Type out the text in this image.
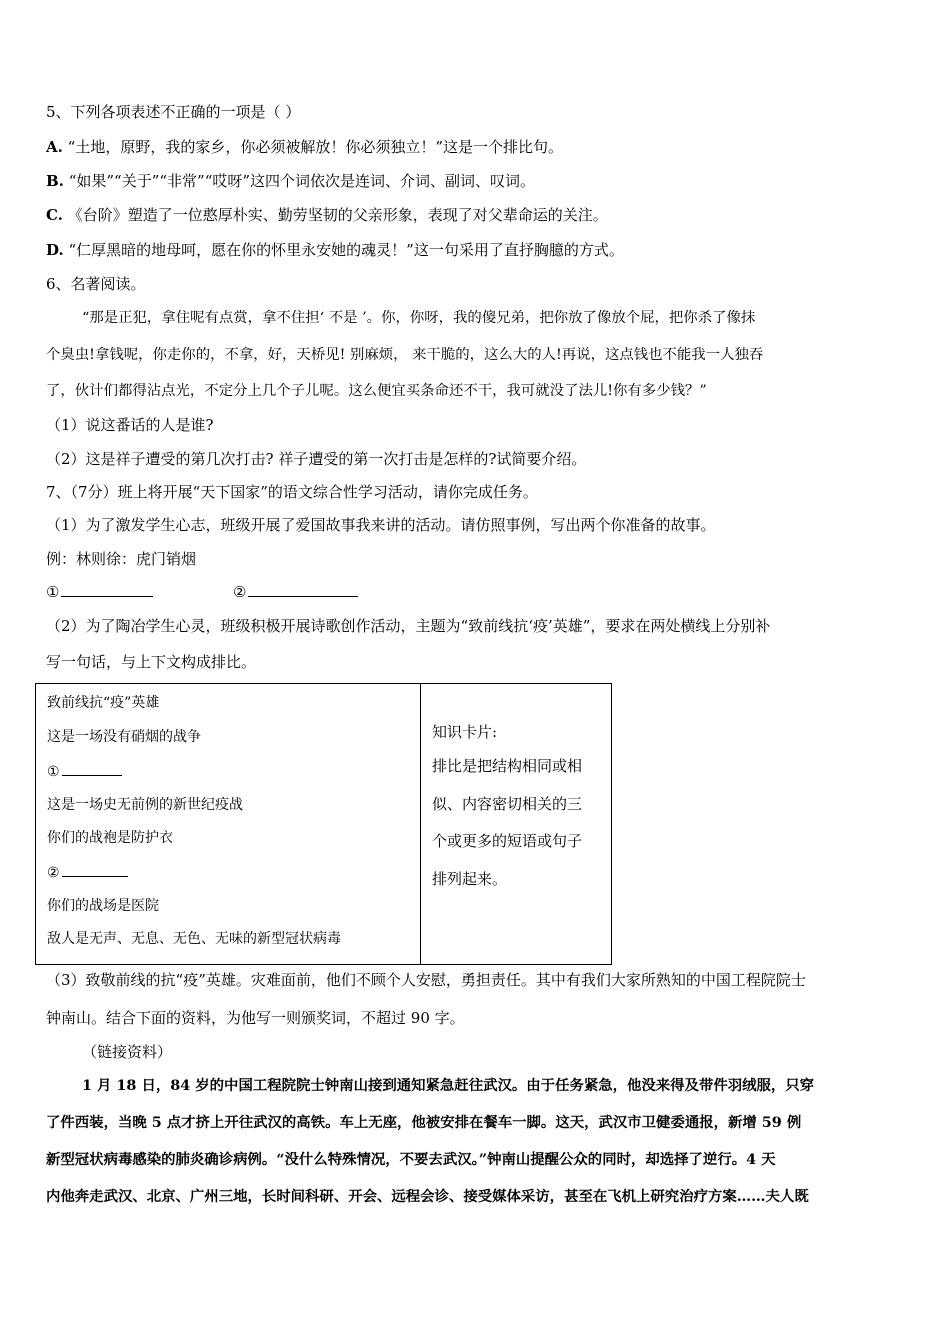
5、下列各项表述不正确的一项是（ ）
A. “土地，原野，我的家乡，你必须被解放！你必须独立！”这是一个排比句。
B. “如果”“关于”“非常”“哎呀”这四个词依次是连词、介词、副词、叹词。
C. 《台阶》塑造了一位憨厚朴实、勤劳坚韧的父亲形象，表现了对父辈命运的关注。
D. “仁厚黑暗的地母呵，愿在你的怀里永安她的魂灵！”这一句采用了直抒胸臆的方式。
6、名著阅读。
“那是正犯，拿住呢有点赏，拿不住担‘ 不是 ’。你，你呀，我的傻兄弟，把你放了像放个屁，把你杀了像抹
个臭虫!拿钱呢，你走你的，不拿，好，天桥见! 别麻烦， 来干脆的，这么大的人!再说，这点钱也不能我一人独吞
了，伙计们都得沾点光，不定分上几个子儿呢。这么便宜买条命还不干，我可就没了法儿!你有多少钱？”
（1）说这番话的人是谁?
（2）这是祥子遭受的第几次打击? 祥子遭受的第一次打击是怎样的?试简要介绍。
7、（7分）班上将开展“天下国家”的语文综合性学习活动，请你完成任务。
（1）为了激发学生心志，班级开展了爱国故事我来讲的活动。请仿照事例，写出两个你准备的故事。
例：林则徐：虎门销烟
①	②
（2）为了陶冶学生心灵，班级积极开展诗歌创作活动，主题为“致前线抗‘疫’英雄”，要求在两处横线上分别补
写一句话，与上下文构成排比。
致前线抗“疫”英雄
这是一场没有硝烟的战争
①
这是一场史无前例的新世纪疫战
你们的战袍是防护衣
②
你们的战场是医院
敌人是无声、无息、无色、无味的新型冠状病毒
知识卡片:
排比是把结构相同或相
似、内容密切相关的三
个或更多的短语或句子
排列起来。
（3）致敬前线的抗“疫”英雄。灾难面前，他们不顾个人安慰，勇担责任。其中有我们大家所熟知的中国工程院院士
钟南山。结合下面的资料，为他写一则颁奖词，不超过 90 字。
（链接资料）
1 月 18 日，84 岁的中国工程院院士钟南山接到通知紧急赶往武汉。由于任务紧急，他没来得及带件羽绒服，只穿
了件西装，当晚 5 点才挤上开往武汉的高铁。车上无座，他被安排在餐车一脚。这天，武汉市卫健委通报，新增 59 例
新型冠状病毒感染的肺炎确诊病例。“没什么特殊情况，不要去武汉。”钟南山提醒公众的同时，却选择了逆行。4 天
内他奔走武汉、北京、广州三地，长时间科研、开会、远程会诊、接受媒体采访，甚至在飞机上研究治疗方案……夫人既
